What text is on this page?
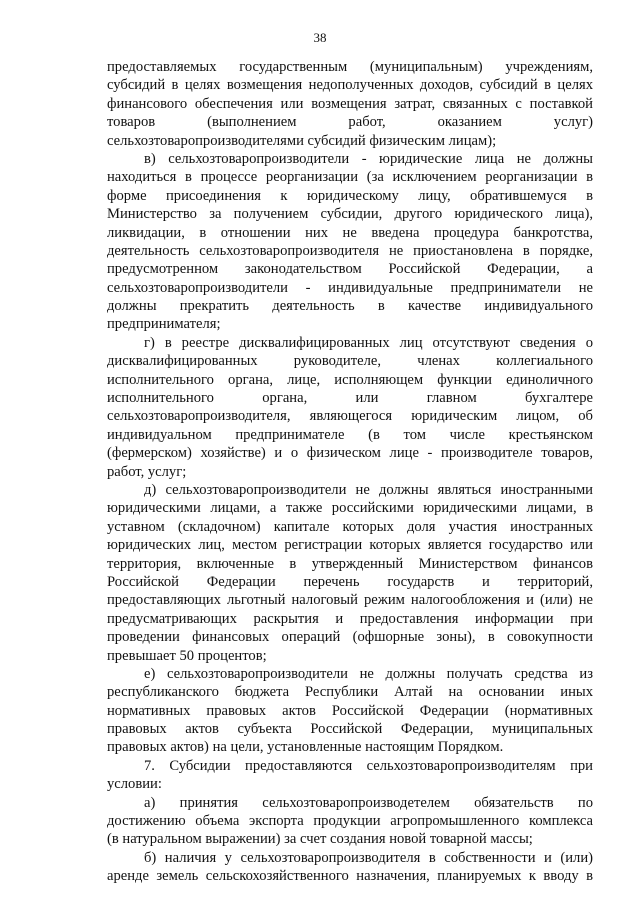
38
предоставляемых государственным (муниципальным) учреждениям,
субсидий в целях возмещения недополученных доходов, субсидий в целях
финансового обеспечения или возмещения затрат, связанных с поставкой
товаров (выполнением работ, оказанием услуг)
сельхозтоваропроизводителями субсидий физическим лицам);
в) сельхозтоваропроизводители - юридические лица не должны
находиться в процессе реорганизации (за исключением реорганизации в
форме присоединения к юридическому лицу, обратившемуся в
Министерство за получением субсидии, другого юридического лица),
ликвидации, в отношении них не введена процедура банкротства,
деятельность сельхозтоваропроизводителя не приостановлена в порядке,
предусмотренном законодательством Российской Федерации, а
сельхозтоваропроизводители - индивидуальные предприниматели не
должны прекратить деятельность в качестве индивидуального
предпринимателя;
г) в реестре дисквалифицированных лиц отсутствуют сведения о
дисквалифицированных руководителе, членах коллегиального
исполнительного органа, лице, исполняющем функции единоличного
исполнительного органа, или главном бухгалтере
сельхозтоваропроизводителя, являющегося юридическим лицом, об
индивидуальном предпринимателе (в том числе крестьянском
(фермерском) хозяйстве) и о физическом лице - производителе товаров,
работ, услуг;
д) сельхозтоваропроизводители не должны являться иностранными
юридическими лицами, а также российскими юридическими лицами, в
уставном (складочном) капитале которых доля участия иностранных
юридических лиц, местом регистрации которых является государство или
территория, включенные в утвержденный Министерством финансов
Российской Федерации перечень государств и территорий,
предоставляющих льготный налоговый режим налогообложения и (или) не
предусматривающих раскрытия и предоставления информации при
проведении финансовых операций (офшорные зоны), в совокупности
превышает 50 процентов;
е) сельхозтоваропроизводители не должны получать средства из
республиканского бюджета Республики Алтай на основании иных
нормативных правовых актов Российской Федерации (нормативных
правовых актов субъекта Российской Федерации, муниципальных
правовых актов) на цели, установленные настоящим Порядком.
7. Субсидии предоставляются сельхозтоваропроизводителям при
условии:
а) принятия сельхозтоваропроизводетелем обязательств по
достижению объема экспорта продукции агропромышленного комплекса
(в натуральном выражении) за счет создания новой товарной массы;
б) наличия у сельхозтоваропроизводителя в собственности и (или)
аренде земель сельскохозяйственного назначения, планируемых к вводу в
